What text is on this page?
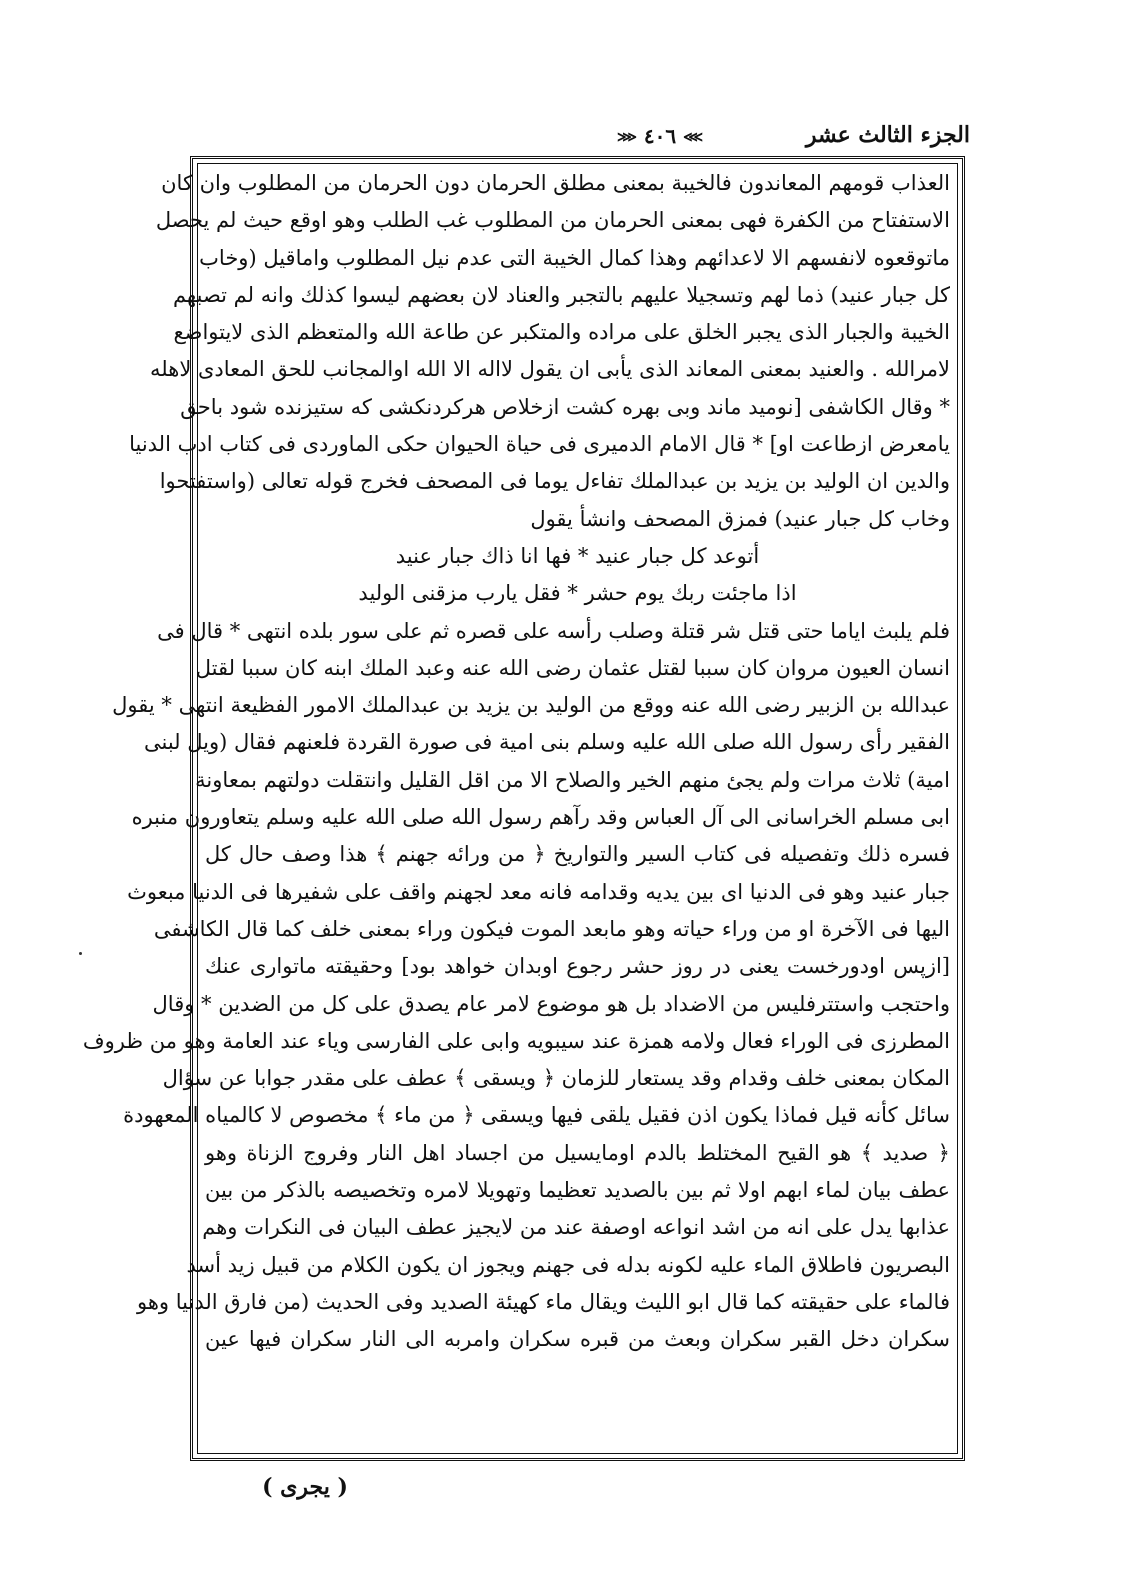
الجزء الثالث عشر
⋙ ٤٠٦ ⋘
العذاب قومهم المعاندون فالخيبة بمعنى مطلق الحرمان دون الحرمان من المطلوب وان كان
الاستفتاح من الكفرة فهى بمعنى الحرمان من المطلوب غب الطلب وهو اوقع حيث لم يحصل
ماتوقعوه لانفسهم الا لاعدائهم وهذا كمال الخيبة التى عدم نيل المطلوب واماقيل (وخاب
كل جبار عنيد) ذما لهم وتسجيلا عليهم بالتجبر والعناد لان بعضهم ليسوا كذلك وانه لم تصبهم
الخيبة والجبار الذى يجبر الخلق على مراده والمتكبر عن طاعة الله والمتعظم الذى لايتواضع
لامرالله . والعنيد بمعنى المعاند الذى يأبى ان يقول لااله الا الله اوالمجانب للحق المعادى لاهله
* وقال الكاشفى [نوميد ماند وبى بهره كشت ازخلاص هركردنكشى كه ستيزنده شود باحق
يامعرض ازطاعت او] * قال الامام الدميرى فى حياة الحيوان حكى الماوردى فى كتاب ادب الدنيا
والدين ان الوليد بن يزيد بن عبدالملك تفاءل يوما فى المصحف فخرج قوله تعالى (واستفتحوا
وخاب كل جبار عنيد) فمزق المصحف وانشأ يقول
أتوعد كل جبار عنيد * فها انا ذاك جبار عنيد
اذا ماجئت ربك يوم حشر * فقل يارب مزقنى الوليد
فلم يلبث اياما حتى قتل شر قتلة وصلب رأسه على قصره ثم على سور بلده انتهى * قال فى
انسان العيون مروان كان سببا لقتل عثمان رضى الله عنه وعبد الملك ابنه كان سببا لقتل
عبدالله بن الزبير رضى الله عنه ووقع من الوليد بن يزيد بن عبدالملك الامور الفظيعة انتهى * يقول
الفقير رأى رسول الله صلى الله عليه وسلم بنى امية فى صورة القردة فلعنهم فقال (ويل لبنى
امية) ثلاث مرات ولم يجئ منهم الخير والصلاح الا من اقل القليل وانتقلت دولتهم بمعاونة
ابى مسلم الخراسانى الى آل العباس وقد رآهم رسول الله صلى الله عليه وسلم يتعاورون منبره
فسره ذلك وتفصيله فى كتاب السير والتواريخ ﴿ من ورائه جهنم ﴾ هذا وصف حال كل
جبار عنيد وهو فى الدنيا اى بين يديه وقدامه فانه معد لجهنم واقف على شفيرها فى الدنيا مبعوث
اليها فى الآخرة او من وراء حياته وهو مابعد الموت فيكون وراء بمعنى خلف كما قال الكاشفى
[ازپس اودورخست يعنى در روز حشر رجوع اوبدان خواهد بود] وحقيقته ماتوارى عنك
واحتجب واستترفليس من الاضداد بل هو موضوع لامر عام يصدق على كل من الضدين * وقال
المطرزى فى الوراء فعال ولامه همزة عند سيبويه وابى على الفارسى وياء عند العامة وهو من ظروف
المكان بمعنى خلف وقدام وقد يستعار للزمان ﴿ ويسقى ﴾ عطف على مقدر جوابا عن سؤال
سائل كأنه قيل فماذا يكون اذن فقيل يلقى فيها ويسقى ﴿ من ماء ﴾ مخصوص لا كالمياه المعهودة
﴿ صديد ﴾ هو القيح المختلط بالدم اومايسيل من اجساد اهل النار وفروج الزناة وهو
عطف بيان لماء ابهم اولا ثم بين بالصديد تعظيما وتهويلا لامره وتخصيصه بالذكر من بين
عذابها يدل على انه من اشد انواعه اوصفة عند من لايجيز عطف البيان فى النكرات وهم
البصريون فاطلاق الماء عليه لكونه بدله فى جهنم ويجوز ان يكون الكلام من قبيل زيد أسد
فالماء على حقيقته كما قال ابو الليث ويقال ماء كهيئة الصديد وفى الحديث (من فارق الدنيا وهو
سكران دخل القبر سكران وبعث من قبره سكران وامربه الى النار سكران فيها عين
( يجرى )
